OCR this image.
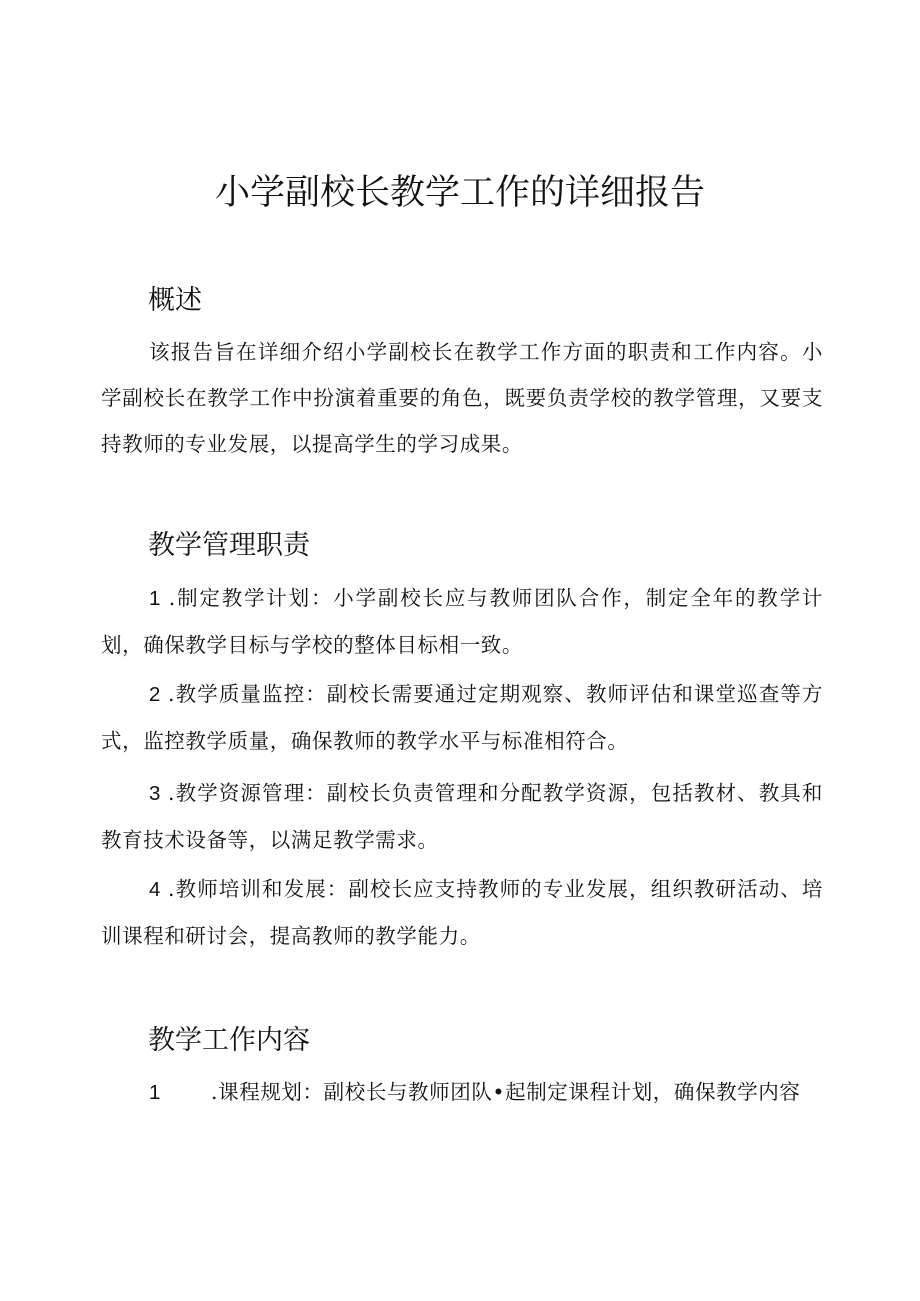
小学副校长教学工作的详细报告
概述

该报告旨在详细介绍小学副校长在教学工作方面的职责和工作内容。小学副校长在教学工作中扮演着重要的角色，既要负责学校的教学管理，又要支持教师的专业发展，以提高学生的学习成果。

教学管理职责

1 .制定教学计划：小学副校长应与教师团队合作，制定全年的教学计划，确保教学目标与学校的整体目标相一致。

2 .教学质量监控：副校长需要通过定期观察、教师评估和课堂巡查等方式，监控教学质量，确保教师的教学水平与标准相符合。

3 .教学资源管理：副校长负责管理和分配教学资源，包括教材、教具和教育技术设备等，以满足教学需求。

4 .教师培训和发展：副校长应支持教师的专业发展，组织教研活动、培训课程和研讨会，提高教师的教学能力。

教学工作内容

1 .课程规划：副校长与教师团队•起制定课程计划，确保教学内容
